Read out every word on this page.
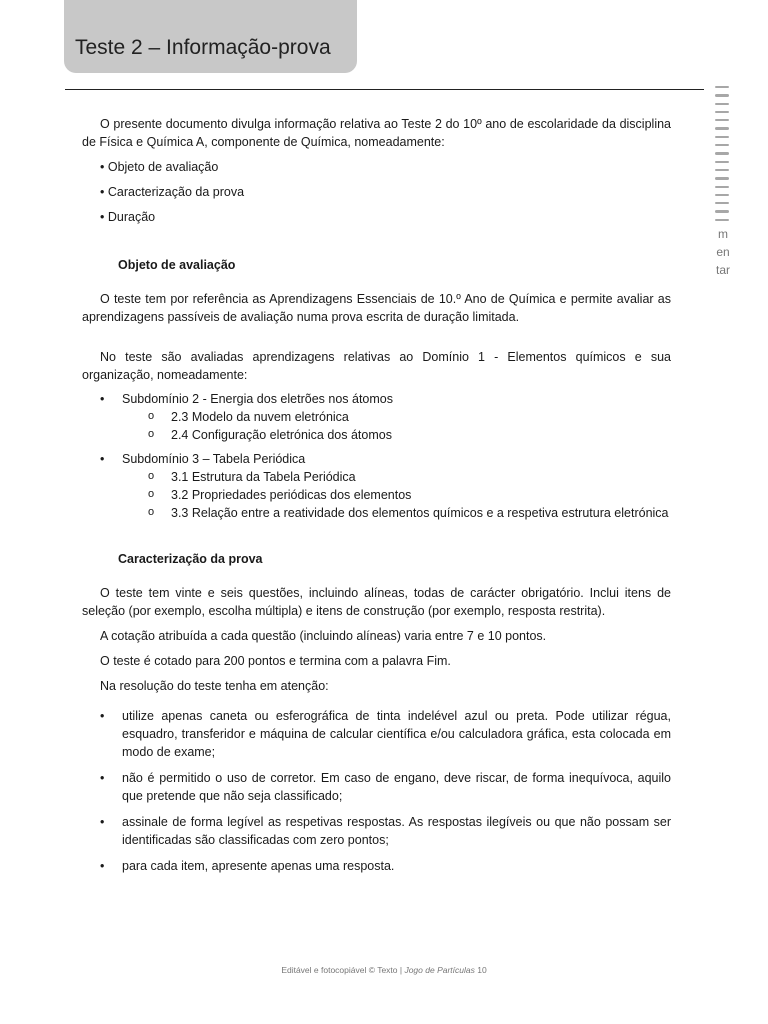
Teste 2 – Informação-prova
m
en
tar

O presente documento divulga informação relativa ao Teste 2 do 10º ano de escolaridade da disciplina de Física e Química A, componente de Química, nomeadamente:

• Objeto de avaliação
• Caracterização da prova
• Duração

Objeto de avaliação

O teste tem por referência as Aprendizagens Essenciais de 10.º Ano de Química e permite avaliar as aprendizagens passíveis de avaliação numa prova escrita de duração limitada.

No teste são avaliadas aprendizagens relativas ao Domínio 1 - Elementos químicos e sua organização, nomeadamente:

• Subdomínio 2 - Energia dos eletrões nos átomos
o 2.3 Modelo da nuvem eletrónica
o 2.4 Configuração eletrónica dos átomos
• Subdomínio 3 – Tabela Periódica
o 3.1 Estrutura da Tabela Periódica
o 3.2 Propriedades periódicas dos elementos
o 3.3 Relação entre a reatividade dos elementos químicos e a respetiva estrutura eletrónica

Caracterização da prova

O teste tem vinte e seis questões, incluindo alíneas, todas de carácter obrigatório. Inclui itens de seleção (por exemplo, escolha múltipla) e itens de construção (por exemplo, resposta restrita).

A cotação atribuída a cada questão (incluindo alíneas) varia entre 7 e 10 pontos.

O teste é cotado para 200 pontos e termina com a palavra Fim.

Na resolução do teste tenha em atenção:

• utilize apenas caneta ou esferográfica de tinta indelével azul ou preta. Pode utilizar régua, esquadro, transferidor e máquina de calcular científica e/ou calculadora gráfica, esta colocada em modo de exame;
• não é permitido o uso de corretor. Em caso de engano, deve riscar, de forma inequívoca, aquilo que pretende que não seja classificado;
• assinale de forma legível as respetivas respostas. As respostas ilegíveis ou que não possam ser identificadas são classificadas com zero pontos;
• para cada item, apresente apenas uma resposta.
Editável e fotocopiável © Texto | Jogo de Partículas 10
